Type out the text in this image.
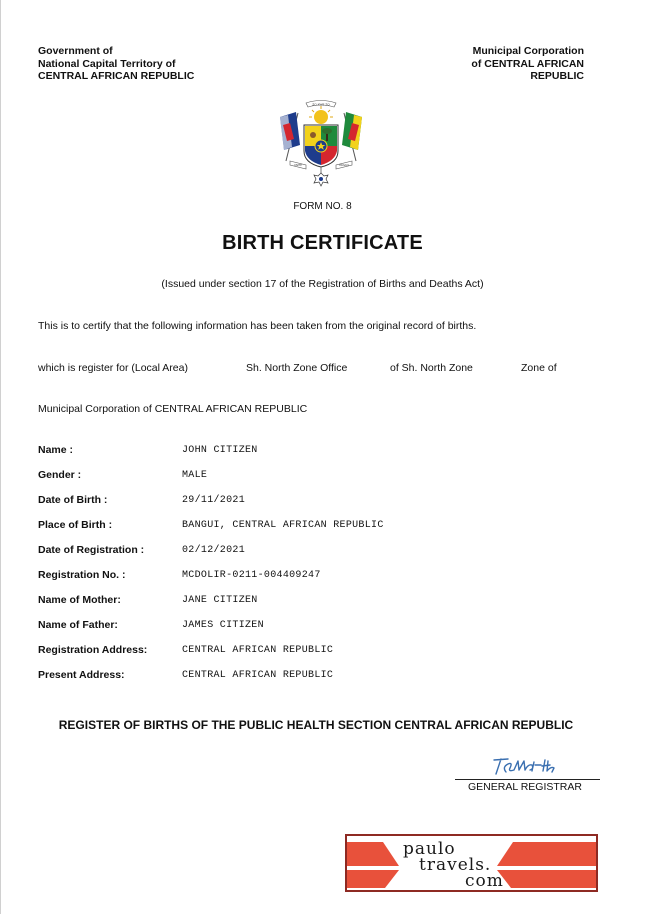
Government of
National Capital Territory of
CENTRAL AFRICAN REPUBLIC
Municipal Corporation
of CENTRAL AFRICAN
REPUBLIC
ZO KWE ZO
UNITE	TRAVAIL
FORM NO. 8
BIRTH CERTIFICATE
(Issued under section 17 of the Registration of Births and Deaths Act)
This is to certify that the following information has been taken from the original record of births.
which is register for (Local Area)	Sh. North Zone Office	of Sh. North Zone	Zone of
Municipal Corporation of CENTRAL AFRICAN REPUBLIC
Name :	JOHN CITIZEN
Gender :	MALE
Date of Birth :	29/11/2021
Place of Birth :	BANGUI, CENTRAL AFRICAN REPUBLIC
Date of Registration :	02/12/2021
Registration No. :	MCDOLIR-0211-004409247
Name of Mother:	JANE CITIZEN
Name of Father:	JAMES CITIZEN
Registration Address:	CENTRAL AFRICAN REPUBLIC
Present Address:	CENTRAL AFRICAN REPUBLIC
REGISTER OF BIRTHS OF THE PUBLIC HEALTH SECTION CENTRAL AFRICAN REPUBLIC
GENERAL REGISTRAR
paulo
travels.
com
